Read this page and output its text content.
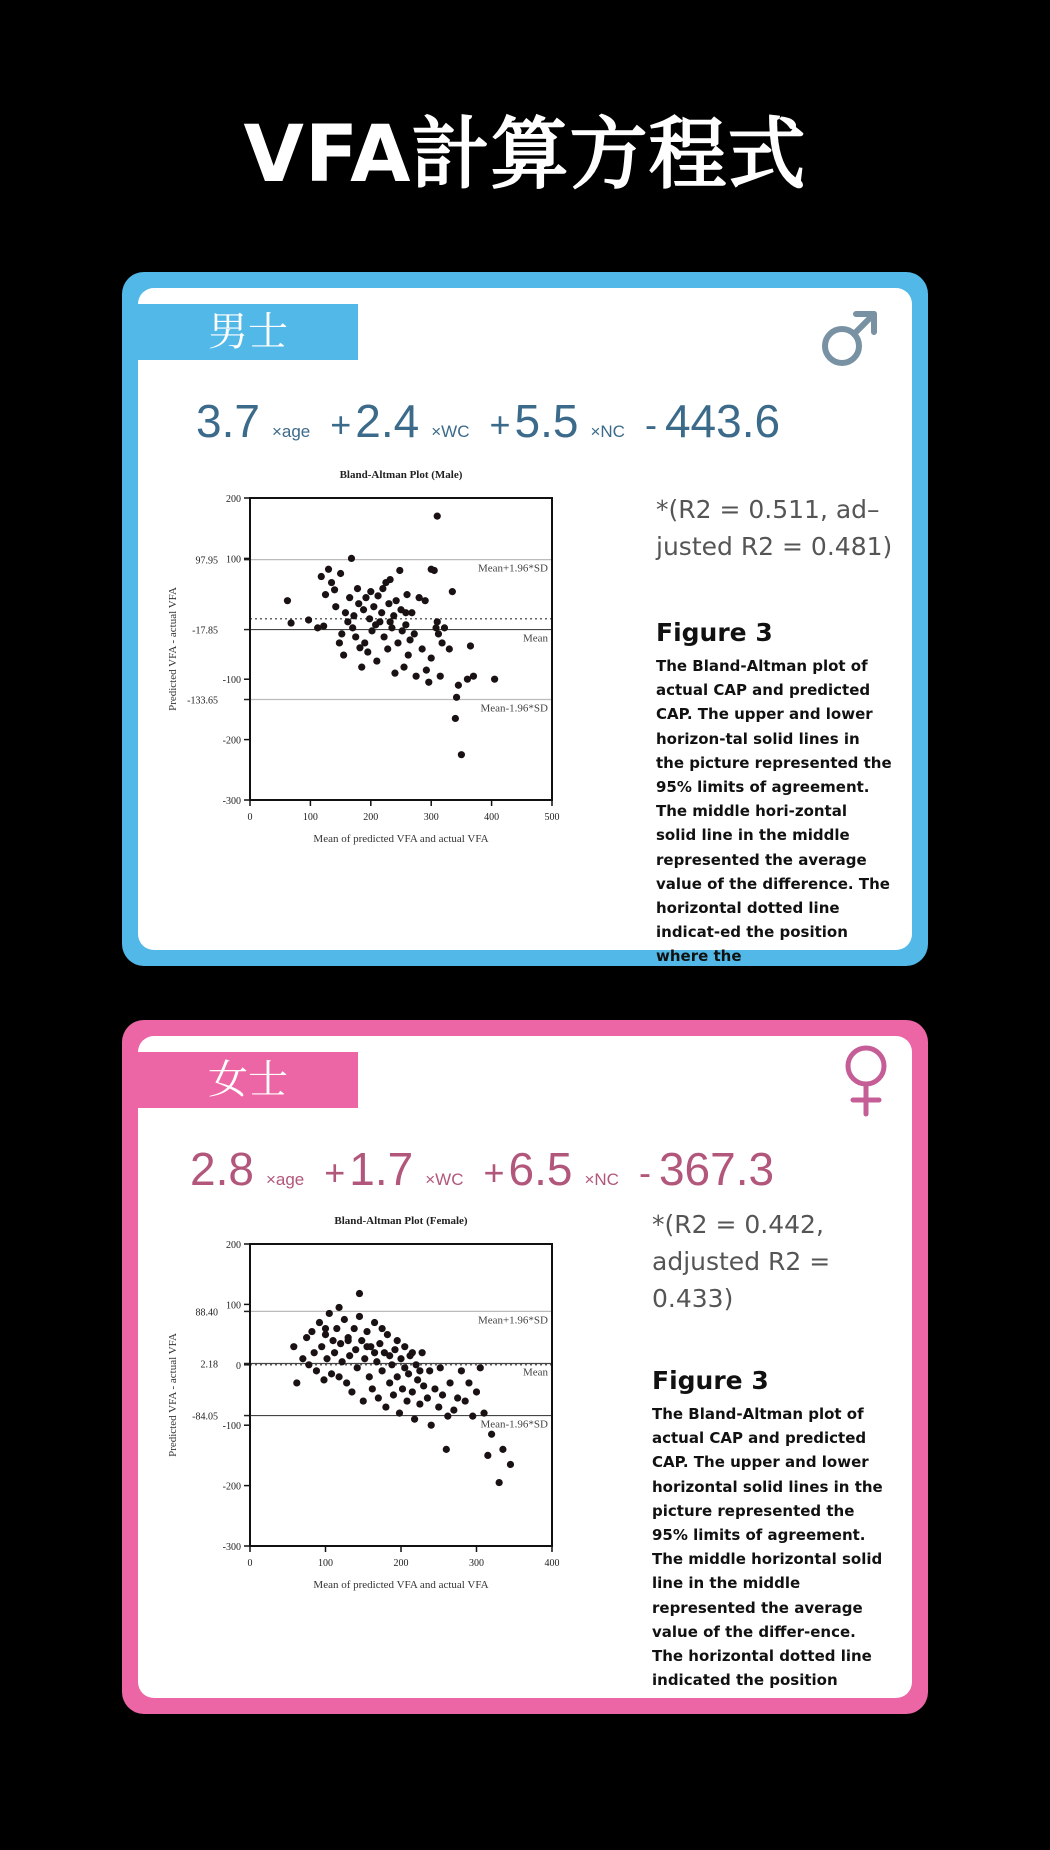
VFA計算方程式
男士
3.7 ×age +2.4 ×WC +5.5 ×NC - 443.6
Bland-Altman Plot (Male)
Mean+1.96*SD
97.95
Mean
-17.85
Mean-1.96*SD
-133.65
200
100
-100
-200
-300
0	100	200	300	400	500
Mean of predicted VFA and actual VFA
Predicted VFA - actual VFA
*(R2 = 0.511, ad–
justed R2 = 0.481)
Figure 3
The Bland-Altman plot of actual CAP and predicted CAP. The upper and lower horizon-tal solid lines in the picture represented the 95% limits of agreement. The middle hori-zontal solid line in the middle represented the average value of the difference. The horizontal dotted line indicat-ed the position where the
女士
2.8 ×age +1.7 ×WC +6.5 ×NC - 367.3
Bland-Altman Plot (Female)
Mean+1.96*SD
88.40
Mean
2.18
Mean-1.96*SD
-84.05
200
100
0
-100
-200
-300
0	100	200	300	400
Mean of predicted VFA and actual VFA
Predicted VFA - actual VFA
*(R2 = 0.442,
adjusted R2 =
0.433)
Figure 3
The Bland-Altman plot of actual CAP and predicted CAP. The upper and lower horizontal solid lines in the picture represented the 95% limits of agreement. The middle horizontal solid line in the middle represented the average value of the differ-ence. The horizontal dotted line indicated the position
